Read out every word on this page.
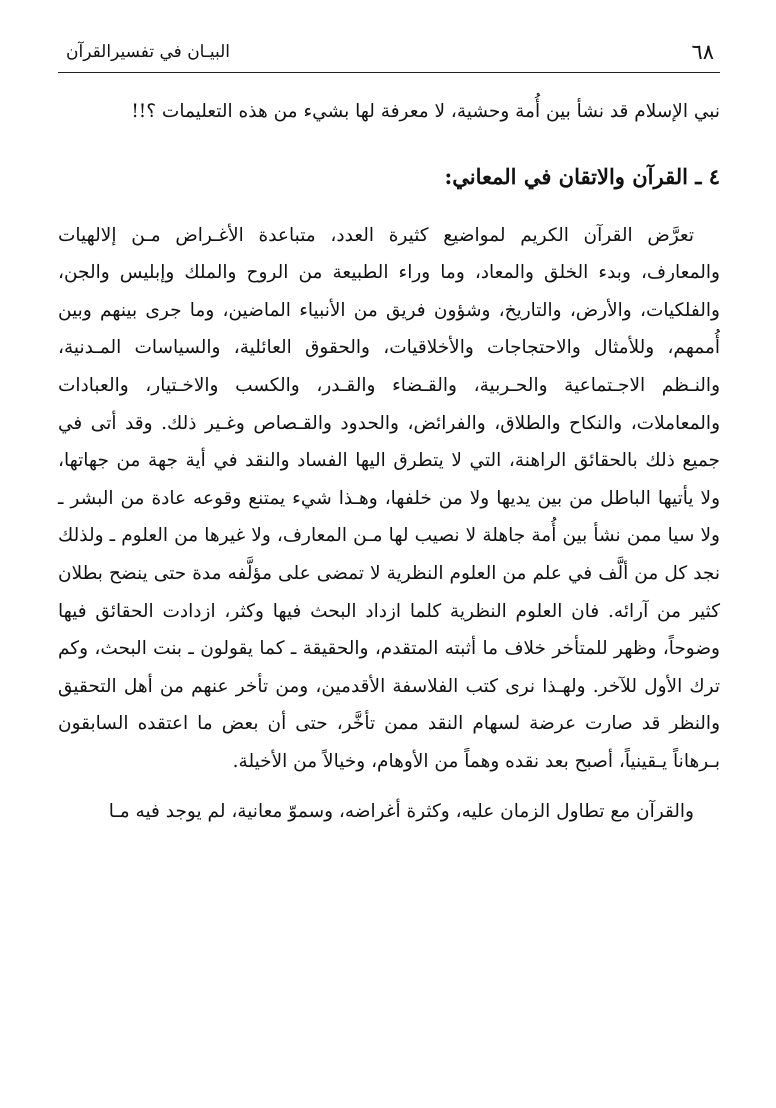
٦٨
البيـان في تفسيرالقرآن

نبي الإسلام قد نشأ بين أُمة وحشية، لا معرفة لها بشيء من هذه التعليمات ؟!!

٤ ـ القرآن والاتقان في المعاني:

تعرَّض القرآن الكريم لمواضيع كثيرة العدد، متباعدة الأغـراض مـن إلالهيات والمعارف، وبدء الخلق والمعاد، وما وراء الطبيعة من الروح والملك وإبليس والجن، والفلكيات، والأرض، والتاريخ، وشؤون فريق من الأنبياء الماضين، وما جرى بينهم وبين أُممهم، وللأمثال والاحتجاجات والأخلاقيات، والحقوق العائلية، والسياسات المـدنية، والنـظم الاجـتماعية والحـربية، والقـضاء والقـدر، والكسب والاخـتيار، والعبادات والمعاملات، والنكاح والطلاق، والفرائض، والحدود والقـصاص وغـير ذلك. وقد أتى في جميع ذلك بالحقائق الراهنة، التي لا يتطرق اليها الفساد والنقد في أية جهة من جهاتها، ولا يأتيها الباطل من بين يديها ولا من خلفها، وهـذا شيء يمتنع وقوعه عادة من البشر ـ ولا سيا ممن نشأ بين أُمة جاهلة لا نصيب لها مـن المعارف، ولا غيرها من العلوم ـ ولذلك نجد كل من ألَّف في علم من العلوم النظرية لا تمضى على مؤلَّفه مدة حتى ينضح بطلان كثير من آرائه. فان العلوم النظرية كلما ازداد البحث فيها وكثر، ازدادت الحقائق فيها وضوحاً، وظهر للمتأخر خلاف ما أثبته المتقدم، والحقيقة ـ كما يقولون ـ بنت البحث، وكم ترك الأول للآخر. ولهـذا نرى كتب الفلاسفة الأقدمين، ومن تأخر عنهم من أهل التحقيق والنظر قد صارت عرضة لسهام النقد ممن تأخَّر، حتى أن بعض ما اعتقده السابقون بـرهاناً يـقينياً، أصبح بعد نقده وهماً من الأوهام، وخيالاً من الأخيلة.

والقرآن مع تطاول الزمان عليه، وكثرة أغراضه، وسموّ معانية، لم يوجد فيه مـا
